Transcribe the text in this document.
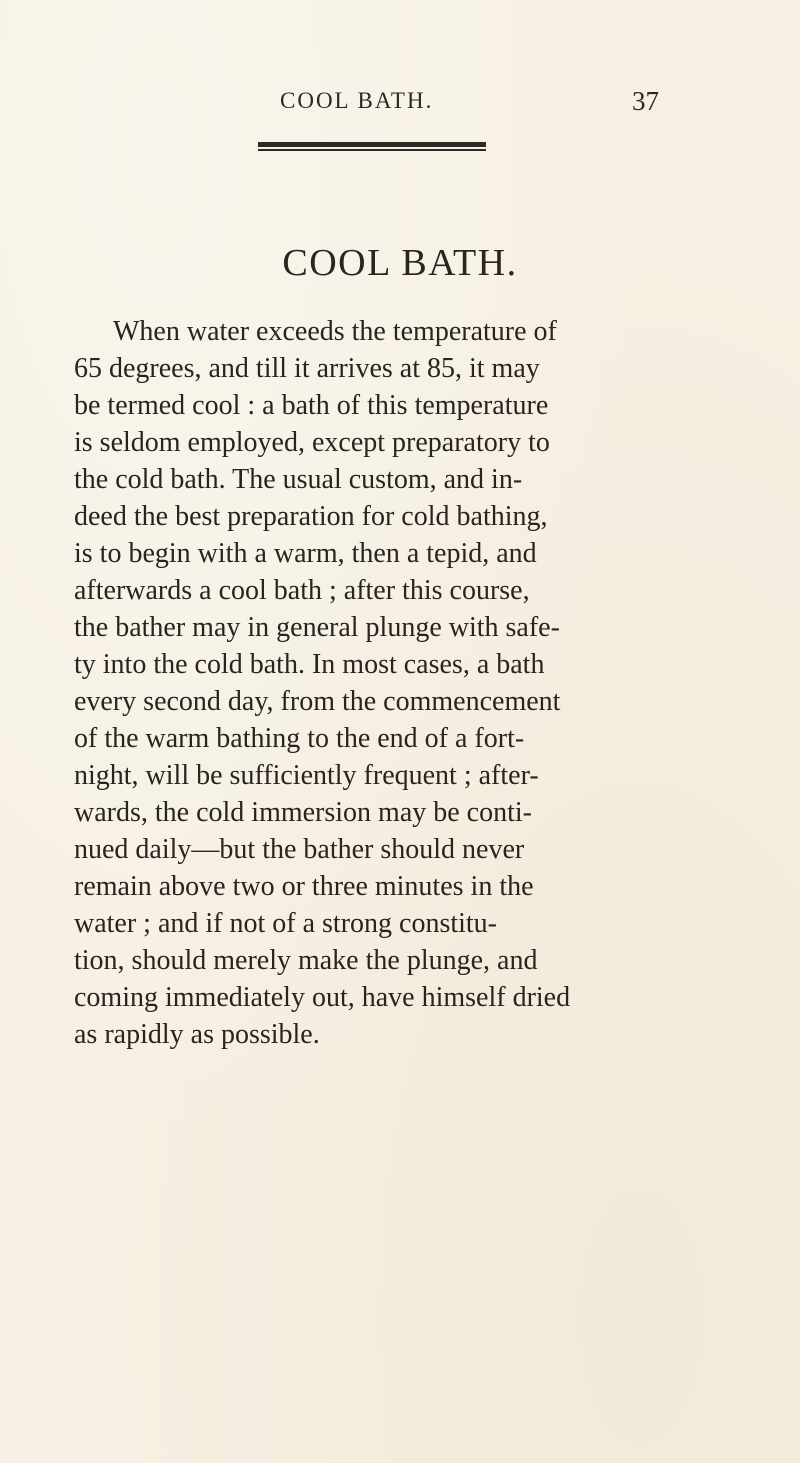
COOL BATH.	37
COOL BATH.
When water exceeds the temperature of
65 degrees, and till it arrives at 85, it may
be termed cool : a bath of this temperature
is seldom employed, except preparatory to
the cold bath. The usual custom, and in-
deed the best preparation for cold bathing,
is to begin with a warm, then a tepid, and
afterwards a cool bath ; after this course,
the bather may in general plunge with safe-
ty into the cold bath. In most cases, a bath
every second day, from the commencement
of the warm bathing to the end of a fort-
night, will be sufficiently frequent ; after-
wards, the cold immersion may be conti-
nued daily—but the bather should never
remain above two or three minutes in the
water ; and if not of a strong constitu-
tion, should merely make the plunge, and
coming immediately out, have himself dried
as rapidly as possible.
